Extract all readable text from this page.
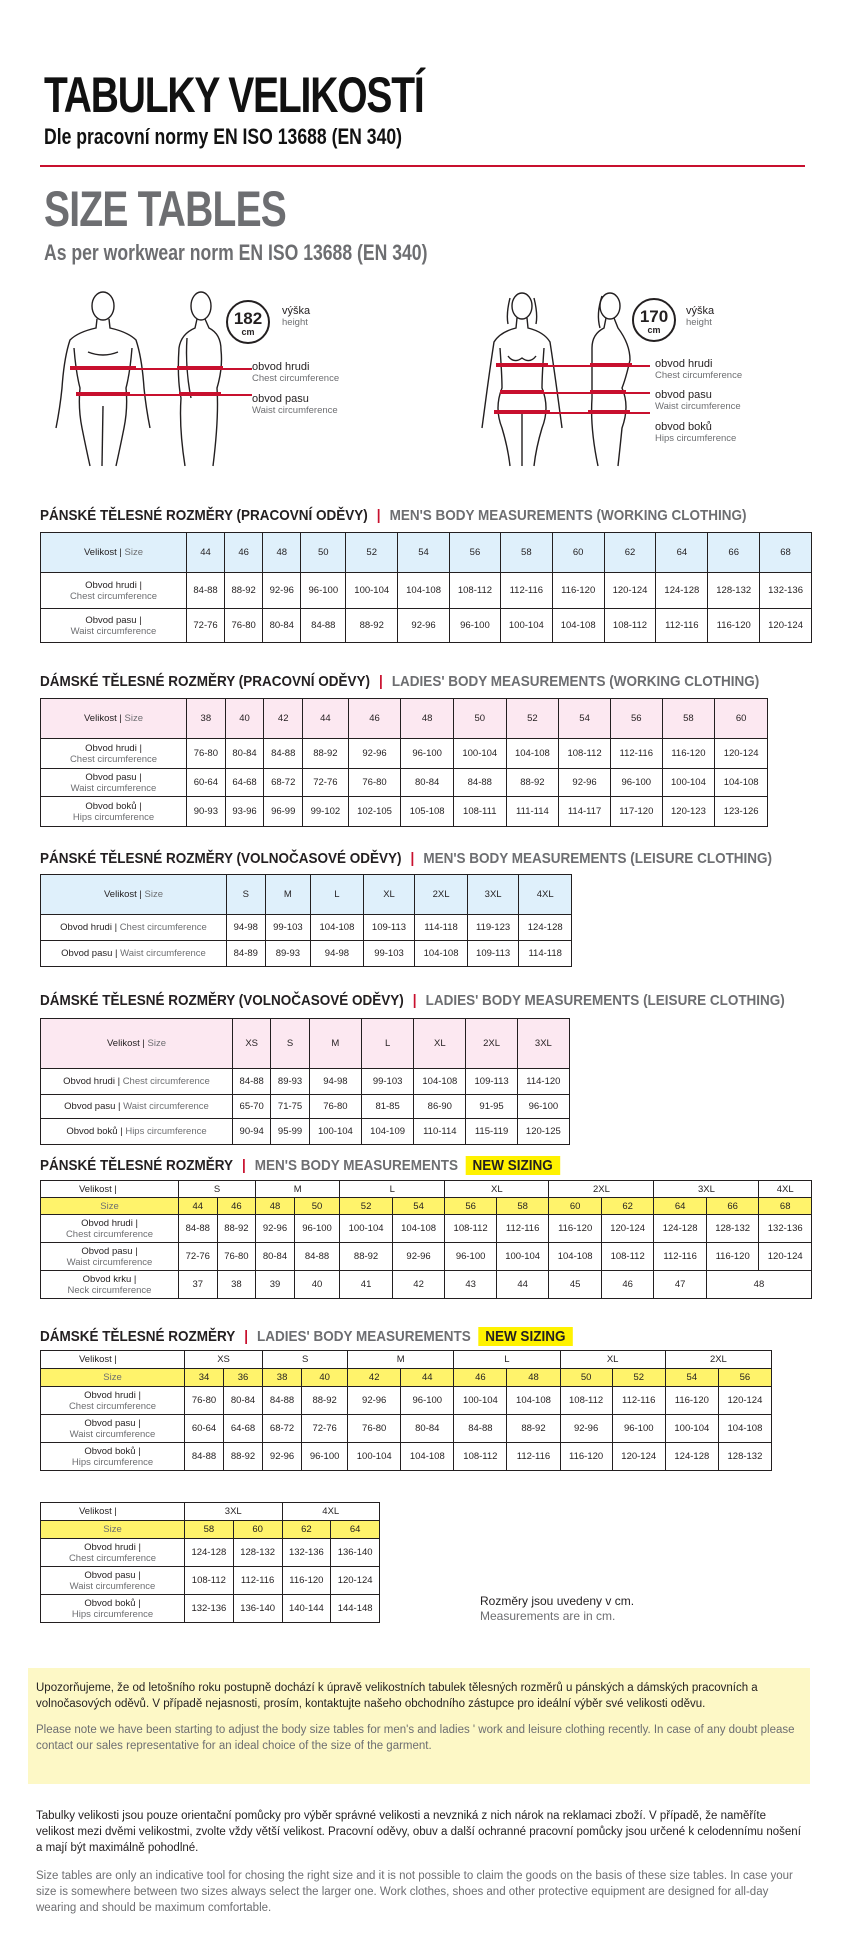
TABULKY VELIKOSTÍ
Dle pracovní normy EN ISO 13688 (EN 340)
SIZE TABLES
As per workwear norm EN ISO 13688 (EN 340)
182
cm
výška
height
obvod hrudi
Chest circumference
obvod pasu
Waist circumference
170
cm
výška
height
obvod hrudi
Chest circumference
obvod pasu
Waist circumference
obvod boků
Hips circumference
PÁNSKÉ TĚLESNÉ ROZMĚRY (PRACOVNÍ ODĚVY) | MEN'S BODY MEASUREMENTS (WORKING CLOTHING)
Velikost | Size	44	46	48	50	52	54	56	58	60	62	64	66	68
Obvod hrudi |
Chest circumference	84-88	88-92	92-96	96-100	100-104	104-108	108-112	112-116	116-120	120-124	124-128	128-132	132-136
Obvod pasu |
Waist circumference	72-76	76-80	80-84	84-88	88-92	92-96	96-100	100-104	104-108	108-112	112-116	116-120	120-124
DÁMSKÉ TĚLESNÉ ROZMĚRY (PRACOVNÍ ODĚVY) | LADIES' BODY MEASUREMENTS (WORKING CLOTHING)
Velikost | Size	38	40	42	44	46	48	50	52	54	56	58	60
Obvod hrudi |
Chest circumference	76-80	80-84	84-88	88-92	92-96	96-100	100-104	104-108	108-112	112-116	116-120	120-124
Obvod pasu |
Waist circumference	60-64	64-68	68-72	72-76	76-80	80-84	84-88	88-92	92-96	96-100	100-104	104-108
Obvod boků |
Hips circumference	90-93	93-96	96-99	99-102	102-105	105-108	108-111	111-114	114-117	117-120	120-123	123-126
PÁNSKÉ TĚLESNÉ ROZMĚRY (VOLNOČASOVÉ ODĚVY) | MEN'S BODY MEASUREMENTS (LEISURE CLOTHING)
Velikost | Size	S	M	L	XL	2XL	3XL	4XL
Obvod hrudi | Chest circumference	94-98	99-103	104-108	109-113	114-118	119-123	124-128
Obvod pasu | Waist circumference	84-89	89-93	94-98	99-103	104-108	109-113	114-118
DÁMSKÉ TĚLESNÉ ROZMĚRY (VOLNOČASOVÉ ODĚVY) | LADIES' BODY MEASUREMENTS (LEISURE CLOTHING)
Velikost | Size	XS	S	M	L	XL	2XL	3XL
Obvod hrudi | Chest circumference	84-88	89-93	94-98	99-103	104-108	109-113	114-120
Obvod pasu | Waist circumference	65-70	71-75	76-80	81-85	86-90	91-95	96-100
Obvod boků | Hips circumference	90-94	95-99	100-104	104-109	110-114	115-119	120-125
PÁNSKÉ TĚLESNÉ ROZMĚRY | MEN'S BODY MEASUREMENTS NEW SIZING
Velikost |	S		M		L		XL		2XL		3XL		4XL
Size	44	46	48	50	52	54	56	58	60	62	64	66	68
Obvod hrudi |
Chest circumference	84-88	88-92	92-96	96-100	100-104	104-108	108-112	112-116	116-120	120-124	124-128	128-132	132-136
Obvod pasu |
Waist circumference	72-76	76-80	80-84	84-88	88-92	92-96	96-100	100-104	104-108	108-112	112-116	116-120	120-124
Obvod krku |
Neck circumference	37	38	39	40	41	42	43	44	45	46	47	48	
DÁMSKÉ TĚLESNÉ ROZMĚRY | LADIES' BODY MEASUREMENTS NEW SIZING
Velikost |	XS		S		M		L		XL		2XL	
Size	34	36	38	40	42	44	46	48	50	52	54	56
Obvod hrudi |
Chest circumference	76-80	80-84	84-88	88-92	92-96	96-100	100-104	104-108	108-112	112-116	116-120	120-124
Obvod pasu |
Waist circumference	60-64	64-68	68-72	72-76	76-80	80-84	84-88	88-92	92-96	96-100	100-104	104-108
Obvod boků |
Hips circumference	84-88	88-92	92-96	96-100	100-104	104-108	108-112	112-116	116-120	120-124	124-128	128-132
Velikost |	3XL		4XL	
Size	58	60	62	64
Obvod hrudi |
Chest circumference	124-128	128-132	132-136	136-140
Obvod pasu |
Waist circumference	108-112	112-116	116-120	120-124
Obvod boků |
Hips circumference	132-136	136-140	140-144	144-148
Rozměry jsou uvedeny v cm.
Measurements are in cm.
Upozorňujeme, že od letošního roku postupně dochází k úpravě velikostních tabulek tělesných rozměrů u pánských a dámských pracovních a volnočasových oděvů. V případě nejasnosti, prosím, kontaktujte našeho obchodního zástupce pro ideální výběr své velikosti oděvu.
Please note we have been starting to adjust the body size tables for men's and ladies ' work and leisure clothing recently. In case of any doubt please contact our sales representative for an ideal choice of the size of the garment.
Tabulky velikosti jsou pouze orientační pomůcky pro výběr správné velikosti a nevzniká z nich nárok na reklamaci zboží. V případě, že naměříte velikost mezi dvěmi velikostmi, zvolte vždy větší velikost. Pracovní oděvy, obuv a další ochranné pracovní pomůcky jsou určené k celodennímu nošení a mají být maximálně pohodlné.
Size tables are only an indicative tool for chosing the right size and it is not possible to claim the goods on the basis of these size tables. In case your size is somewhere between two sizes always select the larger one. Work clothes, shoes and other protective equipment are designed for all-day wearing and should be maximum comfortable.
